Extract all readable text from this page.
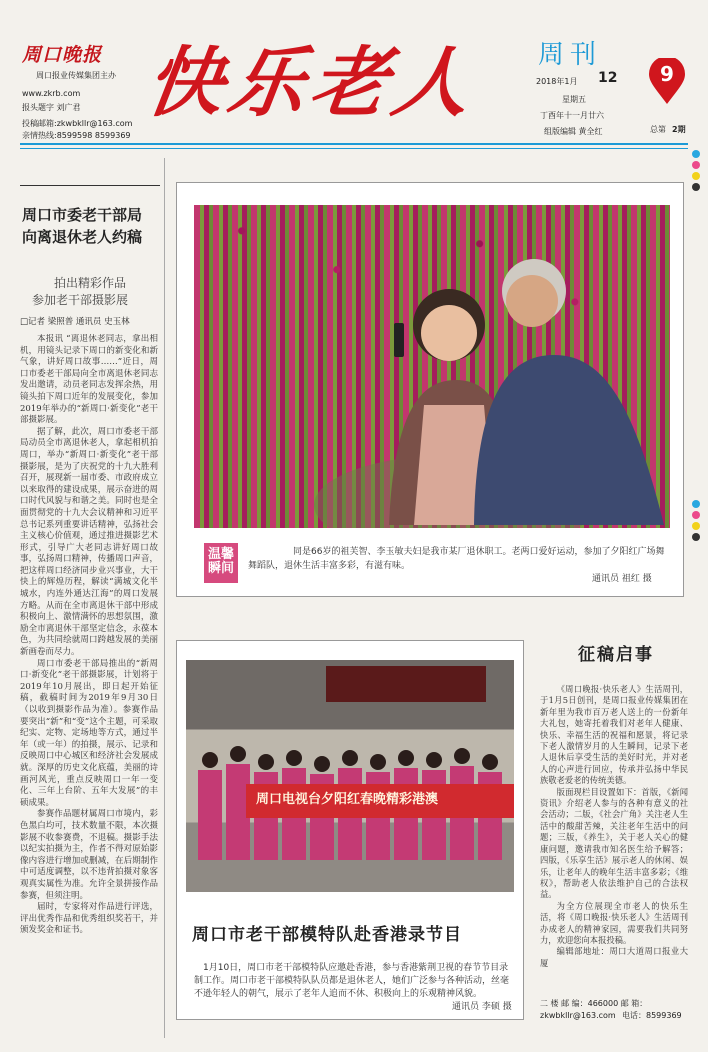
周口晚报
周口报业传媒集团主办
www.zkrb.com
报头题字 刘广君
投稿邮箱:zkwbkllr@163.com
亲情热线:8599598 8599369
快乐老人 周刊
2018年1月 12
星期五
丁酉年十一月廿六
组版编辑 黄全红
9
总第 2期
周口市委老干部局
向离退休老人约稿
拍出精彩作品
参加老干部摄影展
□记者 梁照普 通讯员 史玉林

本报讯 “离退休老同志，拿出相机，用镜头记录下周口的新变化和新气象，讲好周口故事……”近日，周口市委老干部局向全市离退休老同志发出邀请，动员老同志发挥余热，用镜头拍下周口近年的发展变化，参加2019年举办的“新周口·新变化”老干部摄影展。

据了解，此次，周口市委老干部局动员全市离退休老人，拿起相机拍周口，举办“新周口·新变化”老干部摄影展，是为了庆祝党的十九大胜利召开，展现新一届市委、市政府成立以来取得的建设成果，展示奋进的周口时代风貌与和谐之美。同时也是全面贯彻党的十九大会议精神和习近平总书记系列重要讲话精神，弘扬社会主义核心价值观，通过推进摄影艺术形式，引导广大老同志讲好周口故事，弘扬周口精神，传播周口声音，把这样周口经济同步业兴事业，大干快上的辉煌历程，解读“满城文化半城水，内连外通达江海”的周口发展方略。从而在全市离退休干部中形成积极向上、激情满怀的思想氛围，激励全市离退休干部坚定信念，永葆本色，为共同绘就周口跨越发展的美丽新画卷而尽力。

周口市委老干部局推出的“新周口·新变化”老干部摄影展，计划将于2019年10月展出，即日起开始征稿，截稿时间为2019年9月30日（以收到摄影作品为准）。参赛作品要突出“新”和“变”这个主题，可采取纪实、定物、定场地等方式，通过半年（或一年）的拍摄，展示、记录和反映周口中心城区和经济社会发展成就。深厚的历史文化底蕴，美丽的诗画河风光，重点反映周口一年一变化、三年上台阶、五年大发展”的丰硕成果。

参赛作品题材属周口市境内，彩色黑白均可，技术数量不限，本次摄影展不收参赛费，不退稿。摄影手法以纪实拍摄为主，作者不得对原始影像内容进行增加或删减，在后期制作中可适度调整，以不违背拍摄对象客观真实属性为准。允许全景拼接作品参赛，但须注明。

届时，专家将对作品进行评选，评出优秀作品和优秀组织奖若干，并颁发奖金和证书。

温馨
瞬间
同是66岁的祖芙智、李玉敏夫妇是我市某厂退休职工。老两口爱好运动，参加了夕阳红广场舞舞蹈队，退休生活丰富多彩，有滋有味。
通讯员 祖红 摄
周口电视台夕阳红春晚精彩港澳
周口市老干部模特队赴香港录节目
1月10日，周口市老干部模特队应邀赴香港，参与香港紫荆卫视的春节节目录制工作。周口市老干部模特队队员都是退休老人，她们广泛参与各种活动，丝毫不逊年轻人的朝气，展示了老年人追而不休、积极向上的乐观精神风貌。
通讯员 李硕 摄
征稿启事

《周口晚报·快乐老人》生活周刊，于1月5日创刊，是周口报业传媒集团在新年里为我市百万老人送上的一份新年大礼包，她寄托着我们对老年人健康、快乐、幸福生活的祝福和愿景，将记录下老人激情岁月的人生瞬间，记录下老人退休后享受生活的美好时光，并对老人的心声进行回应，传承并弘扬中华民族敬老爱老的传统美德。

版面现栏目设置如下：首版，《新闻资讯》介绍老人参与的各种有意义的社会活动；二版，《社会广角》关注老人生活中的酸甜苦辣，关注老年生活中的问题；三版，《养生》，关于老人关心的健康问题，邀请我市知名医生给予解答；四版，《乐享生活》展示老人的休闲、娱乐，让老年人的晚年生活丰富多彩；《维权》，帮助老人依法维护自己的合法权益。

为全方位展现全市老人的快乐生活，将《周口晚报·快乐老人》生活周刊办成老人的精神家园，需要我们共同努力，欢迎您向本报投稿。

编辑部地址：周口大道周口报业大厦

二 楼 邮 编：466000 邮 箱：
zkwbkllr@163.com 电话：8599369
